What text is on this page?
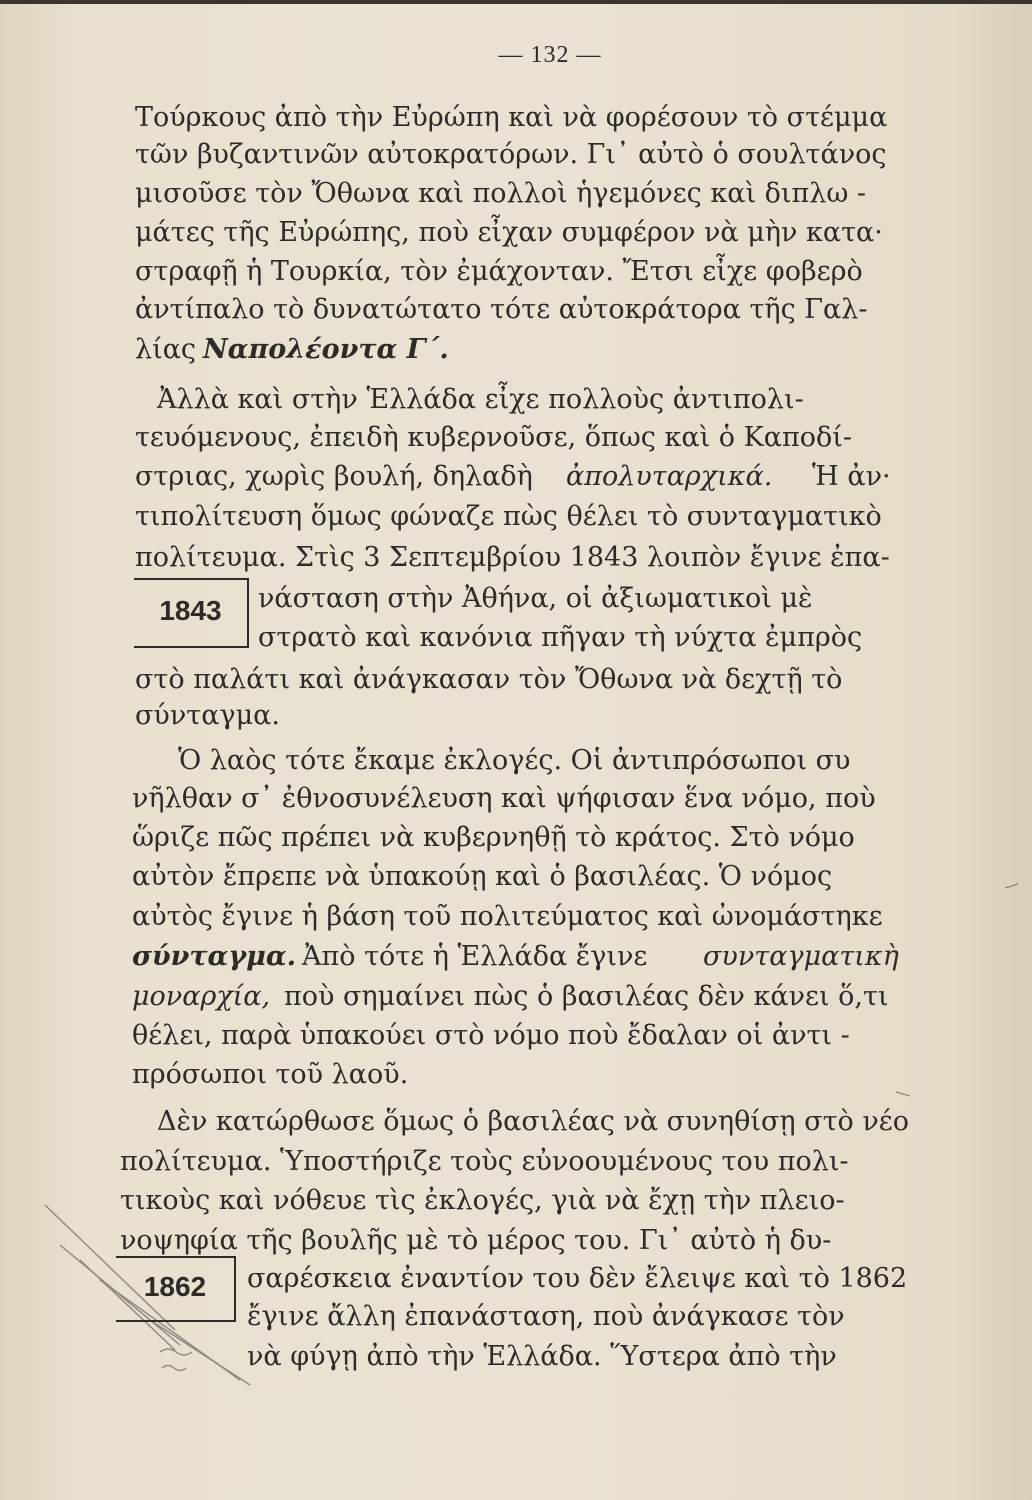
— 132 —
Τούρκους ἀπὸ τὴν Εὐρώπη καὶ νὰ φορέσουν τὸ στέμμα
τῶν βυζαντινῶν αὐτοκρατόρων. Γι᾽ αὐτὸ ὁ σουλτάνος
μισοῦσε τὸν Ὄθωνα καὶ πολλοὶ ἡγεμόνες καὶ διπλω -
μάτες τῆς Εὐρώπης, ποὺ εἶχαν συμφέρον νὰ μὴν κατα·
στραφῇ ἡ Τουρκία, τὸν ἐμάχονταν. Ἔτσι εἶχε φοβερὸ
ἀντίπαλο τὸ δυνατώτατο τότε αὐτοκράτορα τῆς Γαλ-
λίας Ναπολέοντα Γ΄.
Ἀλλὰ καὶ στὴν Ἑλλάδα εἶχε πολλοὺς ἀντιπολι-
τευόμενους, ἐπειδὴ κυβερνοῦσε, ὅπως καὶ ὁ Καποδί-
στριας, χωρὶς βουλή, δηλαδὴ ἀπολυταρχικά. Ἡ ἀν·
τιπολίτευση ὅμως φώναζε πὼς θέλει τὸ συνταγματικὸ
πολίτευμα. Στὶς 3 Σεπτεμβρίου 1843 λοιπὸν ἔγινε ἐπα-
1843	νάσταση στὴν Ἀθήνα, οἱ ἀξιωματικοὶ μὲ
στρατὸ καὶ κανόνια πῆγαν τὴ νύχτα ἐμπρὸς
στὸ παλάτι καὶ ἀνάγκασαν τὸν Ὄθωνα νὰ δεχτῇ τὸ
σύνταγμα.
Ὁ λαὸς τότε ἔκαμε ἐκλογές. Οἱ ἀντιπρόσωποι συ
νῆλθαν σ᾽ ἐθνοσυνέλευση καὶ ψήφισαν ἕνα νόμο, ποὺ
ὥριζε πῶς πρέπει νὰ κυβερνηθῇ τὸ κράτος. Στὸ νόμο
αὐτὸν ἔπρεπε νὰ ὑπακούῃ καὶ ὁ βασιλέας. Ὁ νόμος
αὐτὸς ἔγινε ἡ βάση τοῦ πολιτεύματος καὶ ὠνομάστηκε
σύνταγμα. Ἀπὸ τότε ἡ Ἑλλάδα ἔγινε συνταγματικὴ
μοναρχία, ποὺ σημαίνει πὼς ὁ βασιλέας δὲν κάνει ὅ,τι
θέλει, παρὰ ὑπακούει στὸ νόμο ποὺ ἔδαλαν οἱ ἀντι -
πρόσωποι τοῦ λαοῦ.
Δὲν κατώρθωσε ὅμως ὁ βασιλέας νὰ συνηθίσῃ στὸ νέο
πολίτευμα. Ὑποστήριζε τοὺς εὐνοουμένους του πολι-
τικοὺς καὶ νόθευε τὶς ἐκλογές, γιὰ νὰ ἔχῃ τὴν πλειο-
νοψηφία τῆς βουλῆς μὲ τὸ μέρος του. Γι᾽ αὐτὸ ἡ δυ-
1862	σαρέσκεια ἐναντίον του δὲν ἔλειψε καὶ τὸ 1862
ἔγινε ἄλλη ἐπανάσταση, ποὺ ἀνάγκασε τὸν
νὰ φύγῃ ἀπὸ τὴν Ἑλλάδα. Ὕστερα ἀπὸ τὴν
